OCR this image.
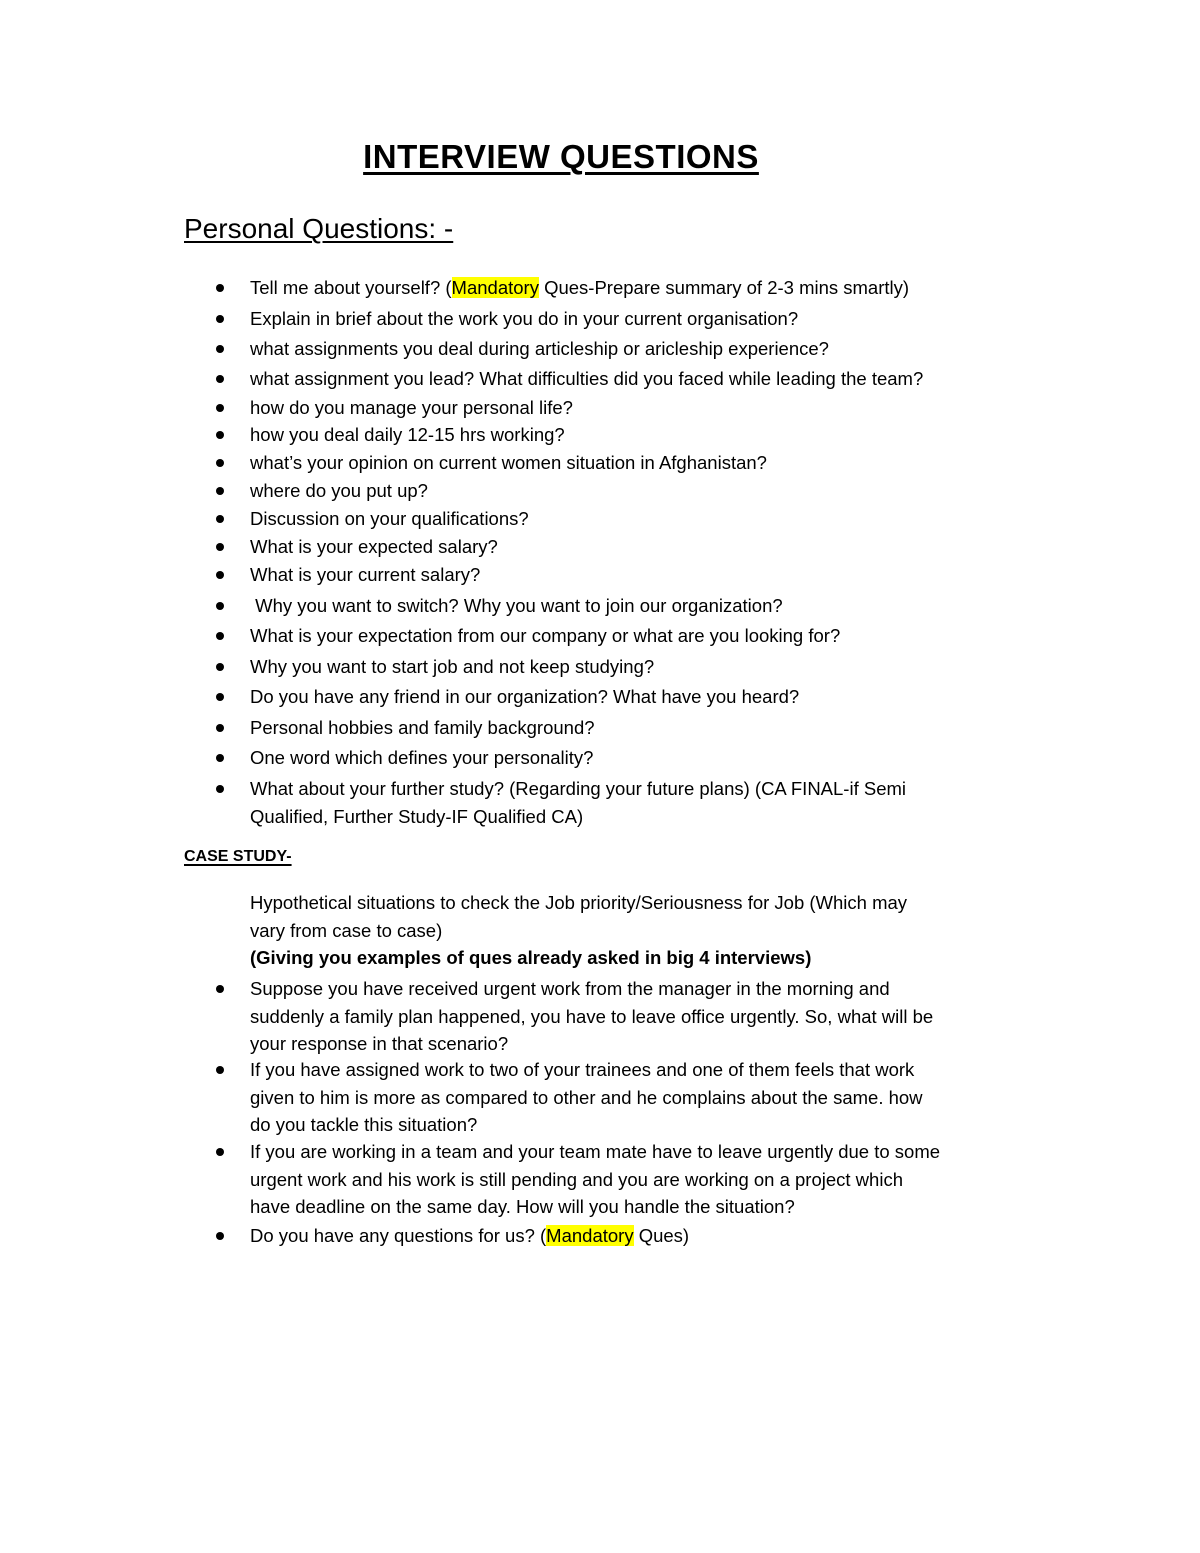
INTERVIEW QUESTIONS
Personal Questions: -
Tell me about yourself? (Mandatory Ques-Prepare summary of 2-3 mins smartly)
Explain in brief about the work you do in your current organisation?
what assignments you deal during articleship or aricleship experience?
what assignment you lead? What difficulties did you faced while leading the team?
how do you manage your personal life?
how you deal daily 12-15 hrs working?
what’s your opinion on current women situation in Afghanistan?
where do you put up?
Discussion on your qualifications?
What is your expected salary?
What is your current salary?
Why you want to switch? Why you want to join our organization?
What is your expectation from our company or what are you looking for?
Why you want to start job and not keep studying?
Do you have any friend in our organization? What have you heard?
Personal hobbies and family background?
One word which defines your personality?
What about your further study? (Regarding your future plans) (CA FINAL-if Semi
Qualified, Further Study-IF Qualified CA)
CASE STUDY-
Hypothetical situations to check the Job priority/Seriousness for Job (Which may
vary from case to case)
(Giving you examples of ques already asked in big 4 interviews)
Suppose you have received urgent work from the manager in the morning and
suddenly a family plan happened, you have to leave office urgently. So, what will be
your response in that scenario?
If you have assigned work to two of your trainees and one of them feels that work
given to him is more as compared to other and he complains about the same. how
do you tackle this situation?
If you are working in a team and your team mate have to leave urgently due to some
urgent work and his work is still pending and you are working on a project which
have deadline on the same day. How will you handle the situation?
Do you have any questions for us? (Mandatory Ques)
